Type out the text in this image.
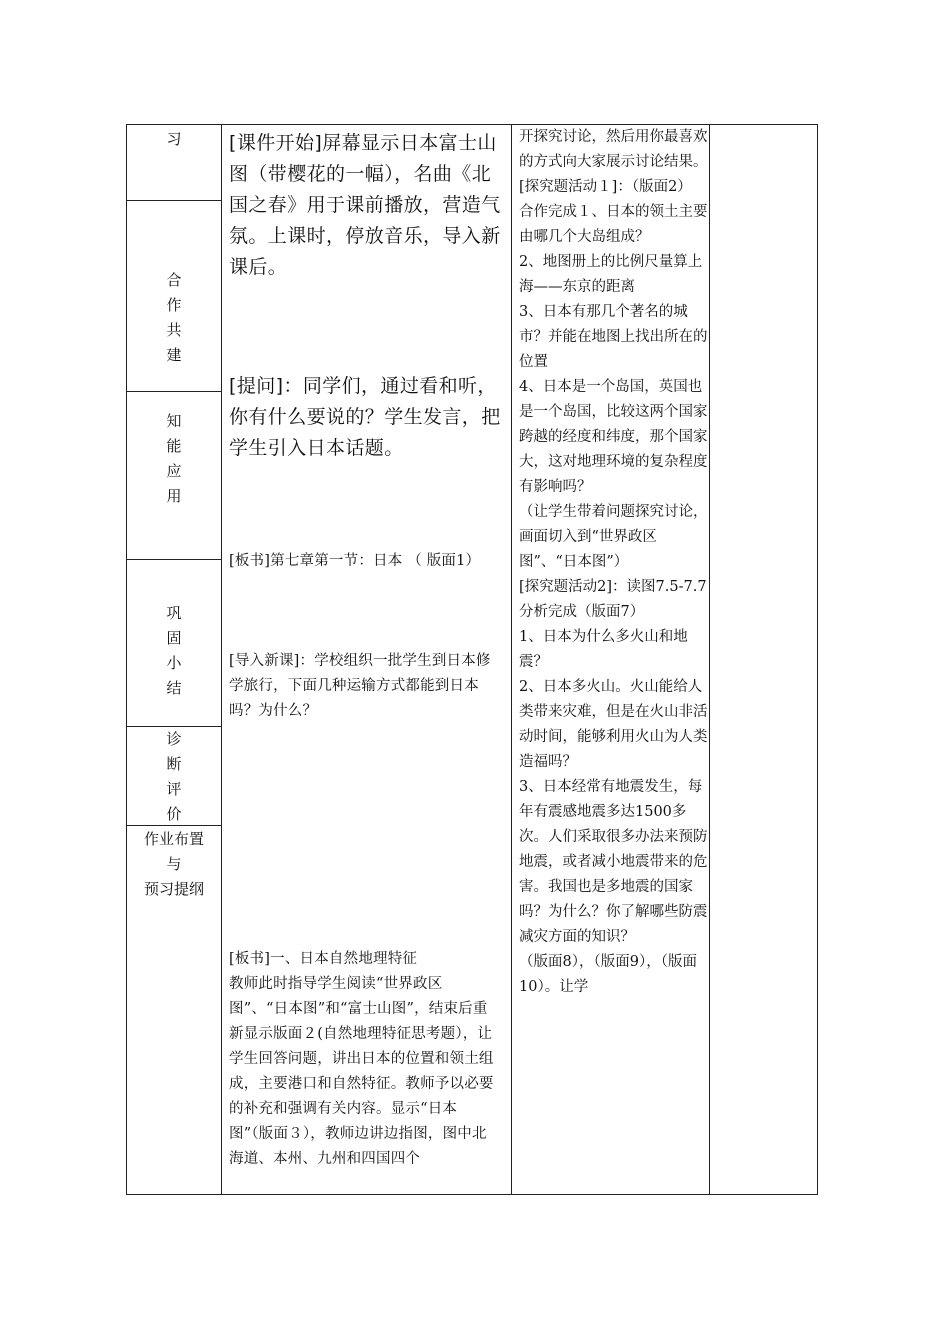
习
合
作
共
建
知
能
应
用
巩
固
小
结
诊
断
评
价
作业布置
与
预习提纲

[课件开始]屏幕显示日本富士山图（带樱花的一幅），名曲《北国之春》用于课前播放，营造气氛。上课时，停放音乐，导入新课后。

[提问]：同学们，通过看和听，你有什么要说的？学生发言，把学生引入日本话题。

[板书]第七章第一节：日本 （ 版面1）

[导入新课]：学校组织一批学生到日本修学旅行，下面几种运输方式都能到日本吗？为什么？

[板书]一、日本自然地理特征

教师此时指导学生阅读“世界政区图”、“日本图”和“富士山图”，结束后重新显示版面２(自然地理特征思考题），让学生回答问题，讲出日本的位置和领土组成，主要港口和自然特征。教师予以必要的补充和强调有关内容。显示“日本图”（版面３），教师边讲边指图，图中北海道、本州、九州和四国四个

开探究讨论，然后用你最喜欢的方式向大家展示讨论结果。

[探究题活动１]：（版面2）　合作完成１、日本的领土主要由哪几个大岛组成？

2、地图册上的比例尺量算上海——东京的距离

3、日本有那几个著名的城市？并能在地图上找出所在的位置

4、日本是一个岛国，英国也是一个岛国，比较这两个国家跨越的经度和纬度，那个国家大，这对地理环境的复杂程度有影响吗？

（让学生带着问题探究讨论，画面切入到“世界政区图”、“日本图”）

[探究题活动2]：读图7.5-7.7分析完成（版面7）

1、日本为什么多火山和地震？

2、日本多火山。火山能给人类带来灾难，但是在火山非活动时间，能够利用火山为人类造福吗？

3、日本经常有地震发生，每年有震感地震多达1500多次。人们采取很多办法来预防地震，或者减小地震带来的危害。我国也是多地震的国家吗？为什么？你了解哪些防震减灾方面的知识？

（版面8），（版面9），（版面10）。让学
